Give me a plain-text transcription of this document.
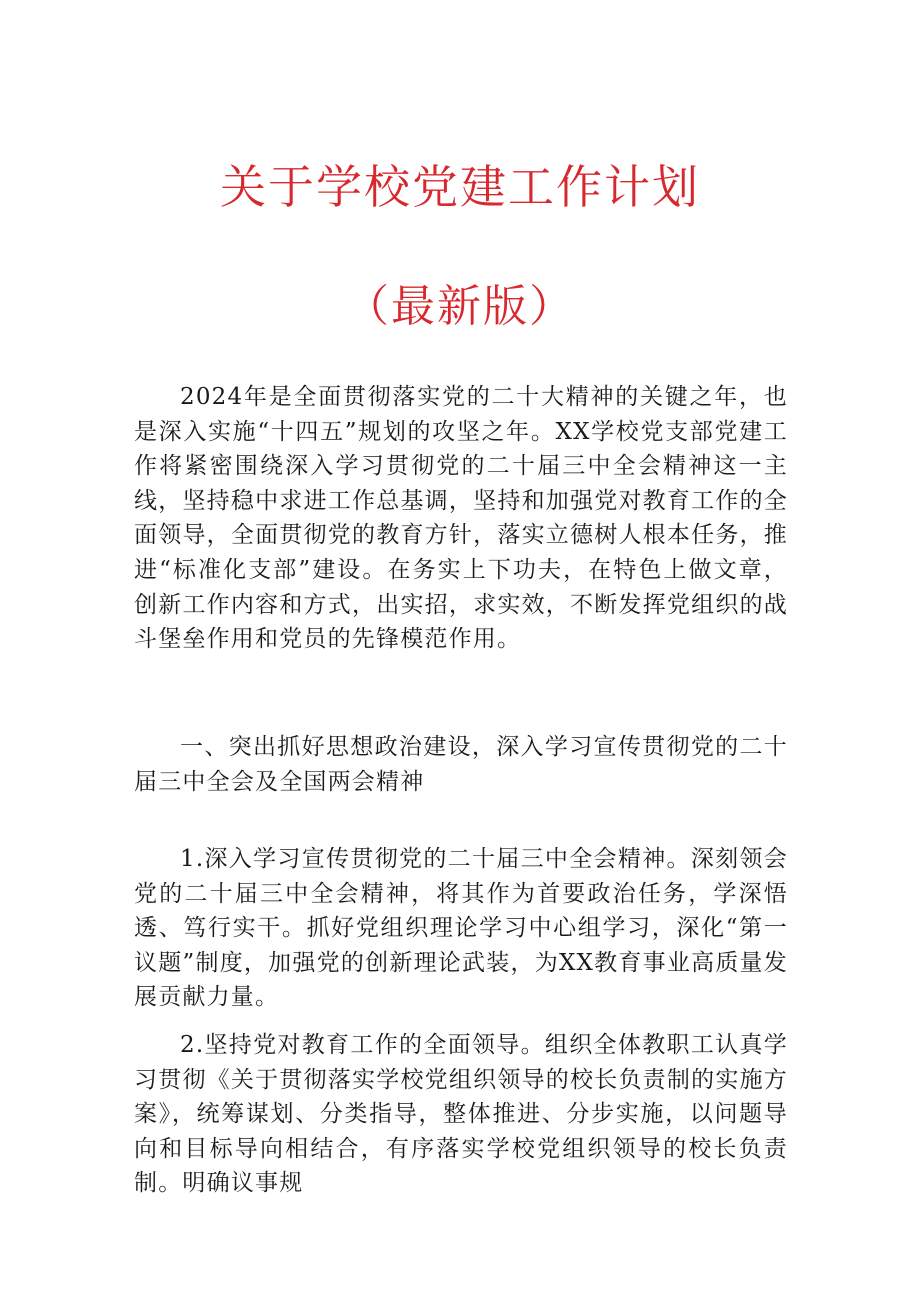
关于学校党建工作计划
（最新版）

2024年是全面贯彻落实党的二十大精神的关键之年，也是深入实施“十四五”规划的攻坚之年。XX学校党支部党建工作将紧密围绕深入学习贯彻党的二十届三中全会精神这一主线，坚持稳中求进工作总基调，坚持和加强党对教育工作的全面领导，全面贯彻党的教育方针，落实立德树人根本任务，推进“标准化支部”建设。在务实上下功夫，在特色上做文章，创新工作内容和方式，出实招，求实效，不断发挥党组织的战斗堡垒作用和党员的先锋模范作用。

一、突出抓好思想政治建设，深入学习宣传贯彻党的二十届三中全会及全国两会精神

1.深入学习宣传贯彻党的二十届三中全会精神。深刻领会党的二十届三中全会精神，将其作为首要政治任务，学深悟透、笃行实干。抓好党组织理论学习中心组学习，深化“第一议题”制度，加强党的创新理论武装，为XX教育事业高质量发展贡献力量。

2.坚持党对教育工作的全面领导。组织全体教职工认真学习贯彻《关于贯彻落实学校党组织领导的校长负责制的实施方案》，统筹谋划、分类指导，整体推进、分步实施，以问题导向和目标导向相结合，有序落实学校党组织领导的校长负责制。明确议事规
